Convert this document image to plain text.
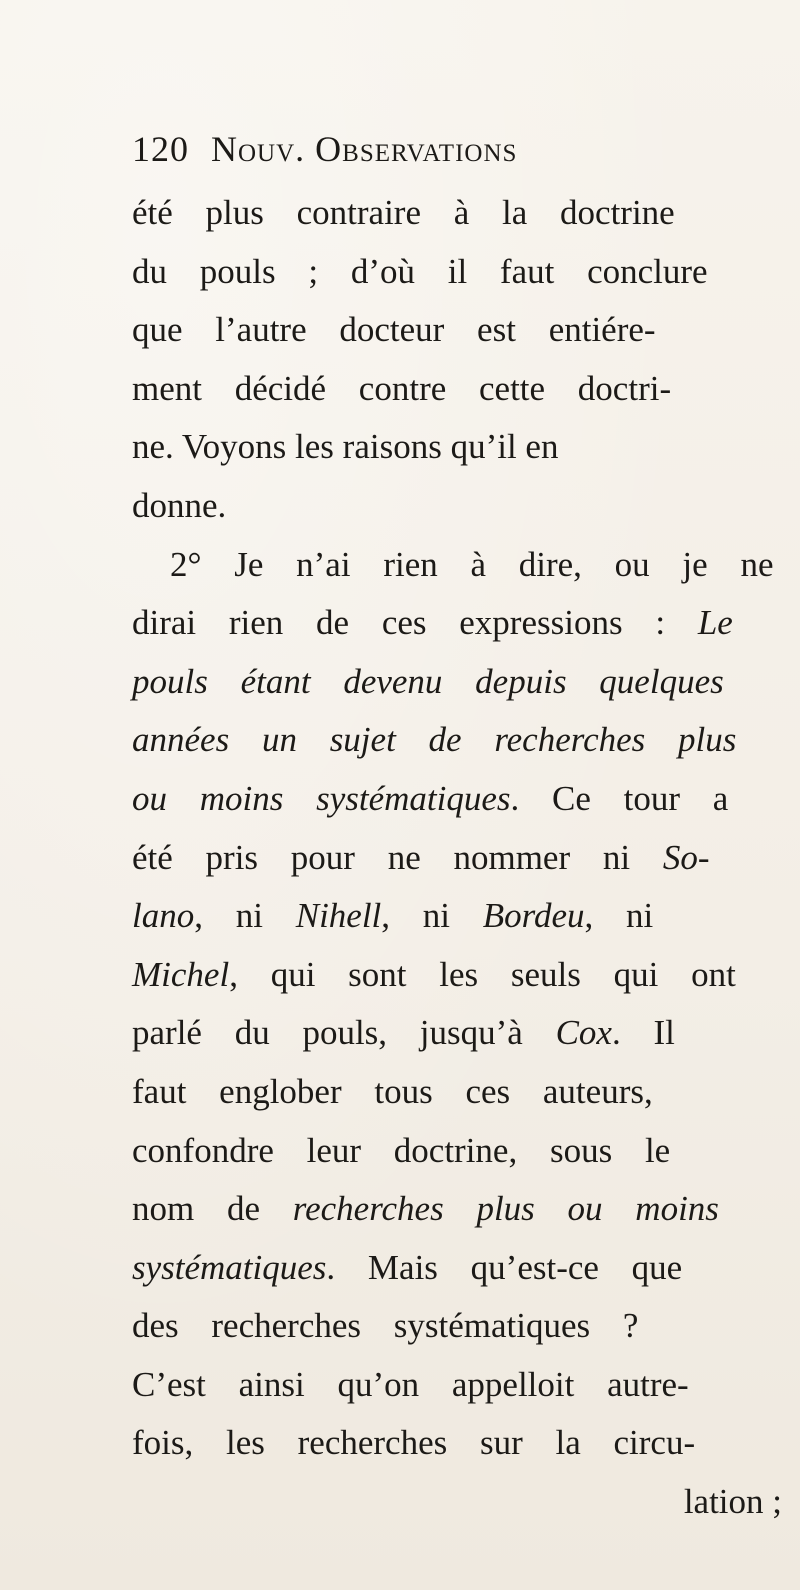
120 Nouv. Observations
été plus contraire à la doctrine
du pouls ; d’où il faut conclure
que l’autre docteur est entiére-
ment décidé contre cette doctri-
ne. Voyons les raisons qu’il en
donne.
2° Je n’ai rien à dire, ou je ne
dirai rien de ces expressions : Le
pouls étant devenu depuis quelques
années un sujet de recherches plus
ou moins systématiques. Ce tour a
été pris pour ne nommer ni So-
lano, ni Nihell, ni Bordeu, ni
Michel, qui sont les seuls qui ont
parlé du pouls, jusqu’à Cox. Il
faut englober tous ces auteurs,
confondre leur doctrine, sous le
nom de recherches plus ou moins
systématiques. Mais qu’est-ce que
des recherches systématiques ?
C’est ainsi qu’on appelloit autre-
fois, les recherches sur la circu-
lation ;
